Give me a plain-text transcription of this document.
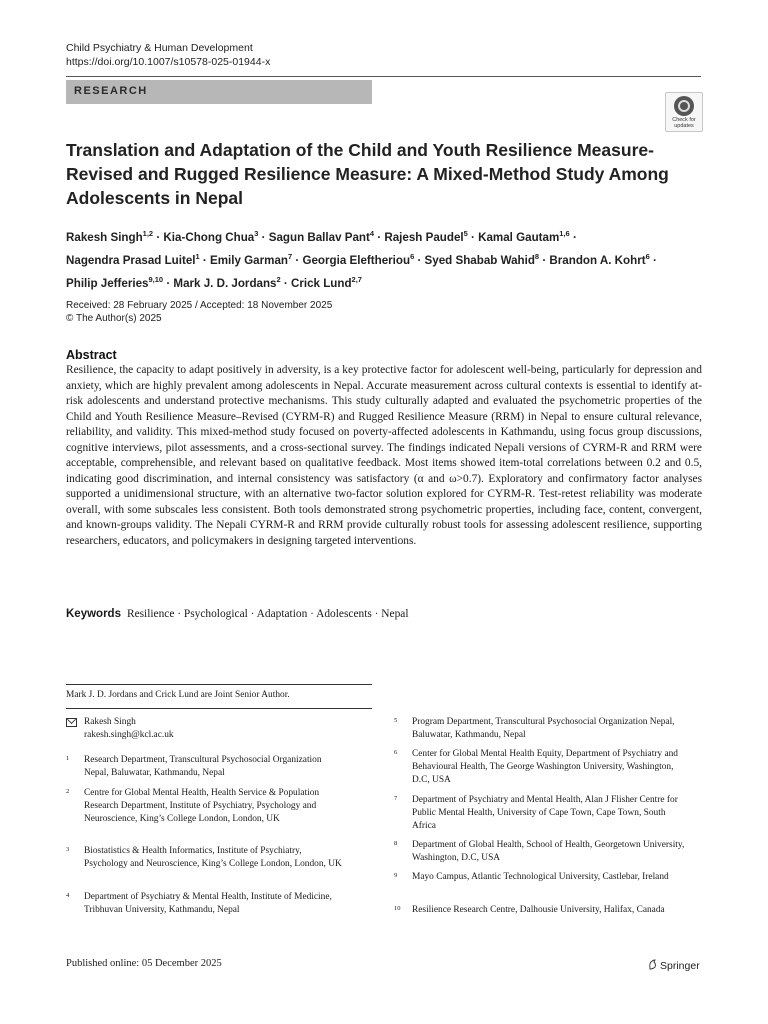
Child Psychiatry & Human Development
https://doi.org/10.1007/s10578-025-01944-x
RESEARCH
Check for
updates
Translation and Adaptation of the Child and Youth Resilience Measure-Revised and Rugged Resilience Measure: A Mixed-Method Study Among Adolescents in Nepal
Rakesh Singh$^{1,2}$ · Kia-Chong Chua$^3$ · Sagun Ballav Pant$^4$ · Rajesh Paudel$^5$ · Kamal Gautam$^{1,6}$ ·
Nagendra Prasad Luitel$^1$ · Emily Garman$^7$ · Georgia Eleftheriou$^6$ · Syed Shabab Wahid$^8$ · Brandon A. Kohrt$^6$ ·
Philip Jefferies$^{9,10}$ · Mark J. D. Jordans$^2$ · Crick Lund$^{2,7}$
Received: 28 February 2025 / Accepted: 18 November 2025
© The Author(s) 2025
Abstract
Resilience, the capacity to adapt positively in adversity, is a key protective factor for adolescent well-being, particularly for depression and anxiety, which are highly prevalent among adolescents in Nepal. Accurate measurement across cultural contexts is essential to identify at-risk adolescents and understand protective mechanisms. This study culturally adapted and evaluated the psychometric properties of the Child and Youth Resilience Measure–Revised (CYRM-R) and Rugged Resilience Measure (RRM) in Nepal to ensure cultural relevance, reliability, and validity. This mixed-method study focused on poverty-affected adolescents in Kathmandu, using focus group discussions, cognitive interviews, pilot assessments, and a cross-sectional survey. The findings indicated Nepali versions of CYRM-R and RRM were acceptable, comprehensible, and relevant based on qualitative feedback. Most items showed item-total correlations between 0.2 and 0.5, indicating good discrimination, and internal consistency was satisfactory (α and ω>0.7). Exploratory and confirmatory factor analyses supported a unidimensional structure, with an alternative two-factor solution explored for CYRM-R. Test-retest reliability was moderate overall, with some subscales less consistent. Both tools demonstrated strong psychometric properties, including face, content, convergent, and known-groups validity. The Nepali CYRM-R and RRM provide culturally robust tools for assessing adolescent resilience, supporting researchers, educators, and policymakers in designing targeted interventions.
Keywords Resilience · Psychological · Adaptation · Adolescents · Nepal
Mark J. D. Jordans and Crick Lund are Joint Senior Author.
Rakesh Singh
rakesh.singh@kcl.ac.uk
1 Research Department, Transcultural Psychosocial Organization Nepal, Baluwatar, Kathmandu, Nepal
2 Centre for Global Mental Health, Health Service & Population Research Department, Institute of Psychiatry, Psychology and Neuroscience, King’s College London, London, UK
3 Biostatistics & Health Informatics, Institute of Psychiatry, Psychology and Neuroscience, King’s College London, London, UK
4 Department of Psychiatry & Mental Health, Institute of Medicine, Tribhuvan University, Kathmandu, Nepal
5 Program Department, Transcultural Psychosocial Organization Nepal, Baluwatar, Kathmandu, Nepal
6 Center for Global Mental Health Equity, Department of Psychiatry and Behavioural Health, The George Washington University, Washington, D.C, USA
7 Department of Psychiatry and Mental Health, Alan J Flisher Centre for Public Mental Health, University of Cape Town, Cape Town, South Africa
8 Department of Global Health, School of Health, Georgetown University, Washington, D.C, USA
9 Mayo Campus, Atlantic Technological University, Castlebar, Ireland
10 Resilience Research Centre, Dalhousie University, Halifax, Canada
Published online: 05 December 2025	Springer
